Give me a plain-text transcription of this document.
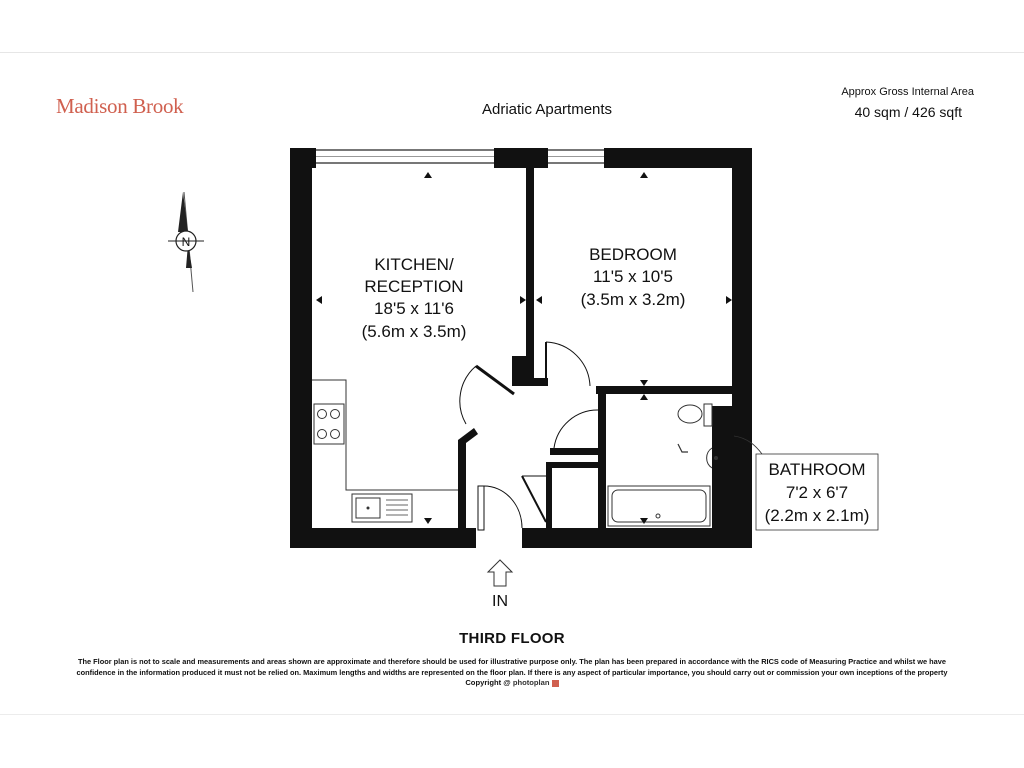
Madison Brook	Adriatic Apartments
Approx Gross Internal Area
40 sqm / 426 sqft
N
KITCHEN/
RECEPTION
18'5 x 11'6
(5.6m x 3.5m)
BEDROOM
11'5 x 10'5
(3.5m x 3.2m)
BATHROOM
7'2 x 6'7
(2.2m x 2.1m)
IN
THIRD FLOOR
The Floor plan is not to scale and measurements and areas shown are approximate and therefore should be used for illustrative purpose only. The plan has been prepared in accordance with the RICS code of Measuring Practice and whilst we have
confidence in the information produced it must not be relied on. Maximum lengths and widths are represented on the floor plan. If there is any aspect of particular importance, you should carry out or commission your own inceptions of the property
Copyright @ photoplan
